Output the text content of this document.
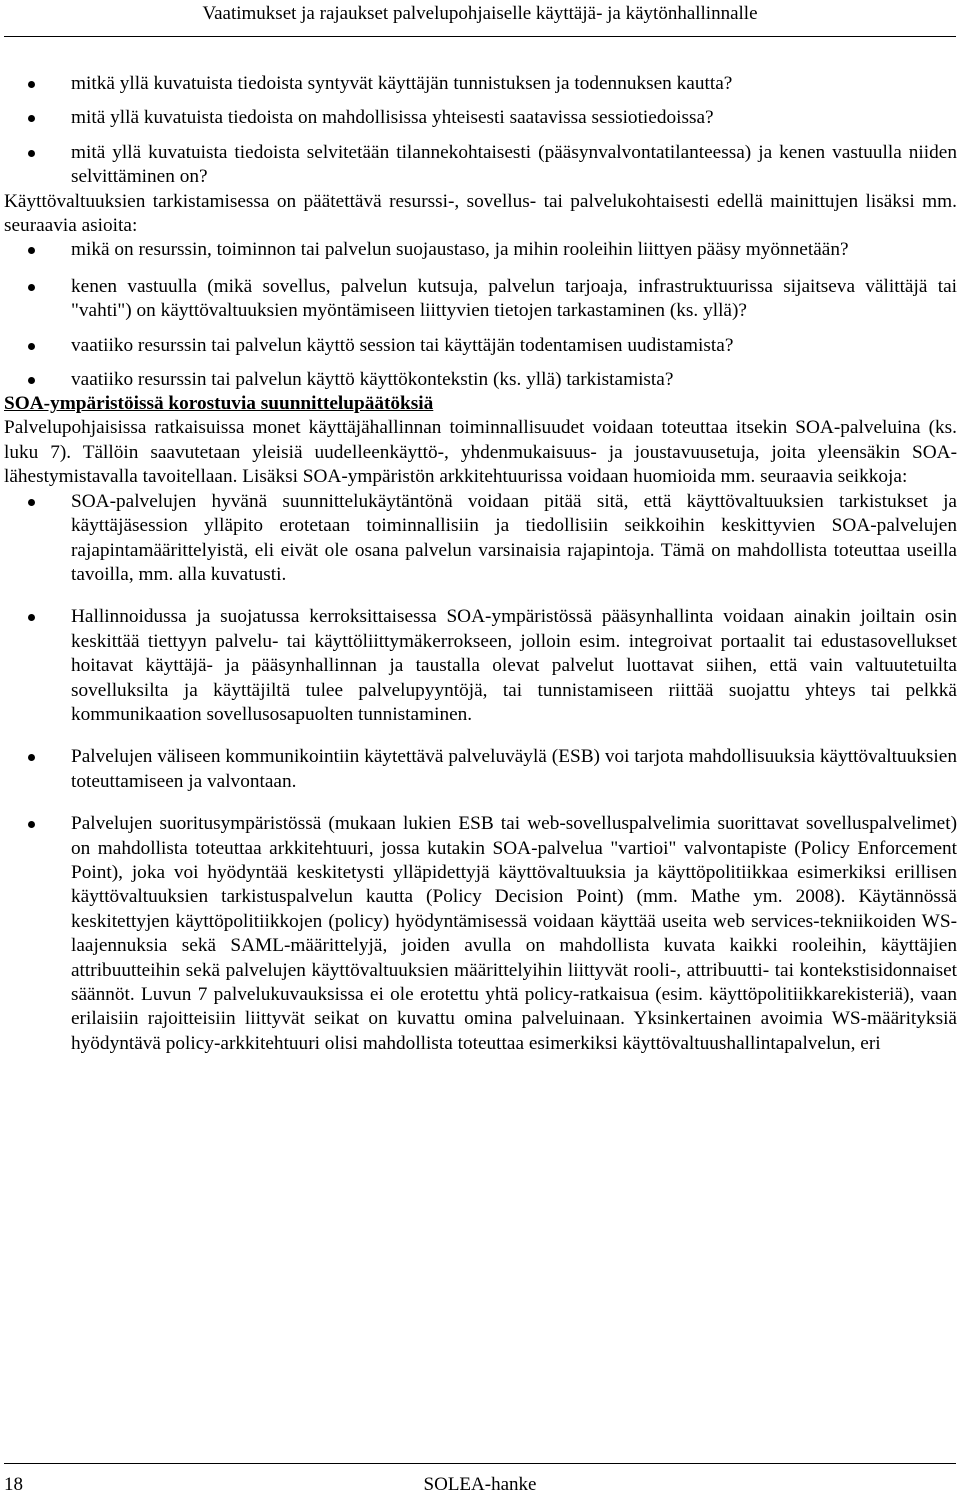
Vaatimukset ja rajaukset palvelupohjaiselle käyttäjä- ja käytönhallinnalle
mitkä yllä kuvatuista tiedoista syntyvät käyttäjän tunnistuksen ja todennuksen kautta?
mitä yllä kuvatuista tiedoista on mahdollisissa yhteisesti saatavissa sessiotiedoissa?
mitä yllä kuvatuista tiedoista selvitetään tilannekohtaisesti (pääsynvalvontatilanteessa) ja kenen vastuulla niiden selvittäminen on?

Käyttövaltuuksien tarkistamisessa on päätettävä resurssi-, sovellus- tai palvelukohtaisesti edellä mainittujen lisäksi mm. seuraavia asioita:

mikä on resurssin, toiminnon tai palvelun suojaustaso, ja mihin rooleihin liittyen pääsy myönnetään?
kenen vastuulla (mikä sovellus, palvelun kutsuja, palvelun tarjoaja, infrastruktuurissa sijaitseva välittäjä tai "vahti") on käyttövaltuuksien myöntämiseen liittyvien tietojen tarkastaminen (ks. yllä)?
vaatiiko resurssin tai palvelun käyttö session tai käyttäjän todentamisen uudistamista?
vaatiiko resurssin tai palvelun käyttö käyttökontekstin (ks. yllä) tarkistamista?
SOA-ympäristöissä korostuvia suunnittelupäätöksiä

Palvelupohjaisissa ratkaisuissa monet käyttäjähallinnan toiminnallisuudet voidaan toteuttaa itsekin SOA-palveluina (ks. luku 7). Tällöin saavutetaan yleisiä uudelleenkäyttö-, yhdenmukaisuus- ja joustavuusetuja, joita yleensäkin SOA-lähestymistavalla tavoitellaan. Lisäksi SOA-ympäristön arkkitehtuurissa voidaan huomioida mm. seuraavia seikkoja:

SOA-palvelujen hyvänä suunnittelukäytäntönä voidaan pitää sitä, että käyttövaltuuksien tarkistukset ja käyttäjäsession ylläpito erotetaan toiminnallisiin ja tiedollisiin seikkoihin keskittyvien SOA-palvelujen rajapintamäärittelyistä, eli eivät ole osana palvelun varsinaisia rajapintoja. Tämä on mahdollista toteuttaa useilla tavoilla, mm. alla kuvatusti.
Hallinnoidussa ja suojatussa kerroksittaisessa SOA-ympäristössä pääsynhallinta voidaan ainakin joiltain osin keskittää tiettyyn palvelu- tai käyttöliittymäkerrokseen, jolloin esim. integroivat portaalit tai edustasovellukset hoitavat käyttäjä- ja pääsynhallinnan ja taustalla olevat palvelut luottavat siihen, että vain valtuutetuilta sovelluksilta ja käyttäjiltä tulee palvelupyyntöjä, tai tunnistamiseen riittää suojattu yhteys tai pelkkä kommunikaation sovellusosapuolten tunnistaminen.
Palvelujen väliseen kommunikointiin käytettävä palveluväylä (ESB) voi tarjota mahdollisuuksia käyttövaltuuksien toteuttamiseen ja valvontaan.
Palvelujen suoritusympäristössä (mukaan lukien ESB tai web-sovelluspalvelimia suorittavat sovelluspalvelimet) on mahdollista toteuttaa arkkitehtuuri, jossa kutakin SOA-palvelua "vartioi" valvontapiste (Policy Enforcement Point), joka voi hyödyntää keskitetysti ylläpidettyjä käyttövaltuuksia ja käyttöpolitiikkaa esimerkiksi erillisen käyttövaltuuksien tarkistuspalvelun kautta (Policy Decision Point) (mm. Mathe ym. 2008). Käytännössä keskitettyjen käyttöpolitiikkojen (policy) hyödyntämisessä voidaan käyttää useita web services-tekniikoiden WS-laajennuksia sekä SAML-määrittelyjä, joiden avulla on mahdollista kuvata kaikki rooleihin, käyttäjien attribuutteihin sekä palvelujen käyttövaltuuksien määrittelyihin liittyvät rooli-, attribuutti- tai kontekstisidonnaiset säännöt. Luvun 7 palvelukuvauksissa ei ole erotettu yhtä policy-ratkaisua (esim. käyttöpolitiikkarekisteriä), vaan erilaisiin rajoitteisiin liittyvät seikat on kuvattu omina palveluinaan. Yksinkertainen avoimia WS-määrityksiä hyödyntävä policy-arkkitehtuuri olisi mahdollista toteuttaa esimerkiksi käyttövaltuushallintapalvelun, eri
18	SOLEA-hanke
